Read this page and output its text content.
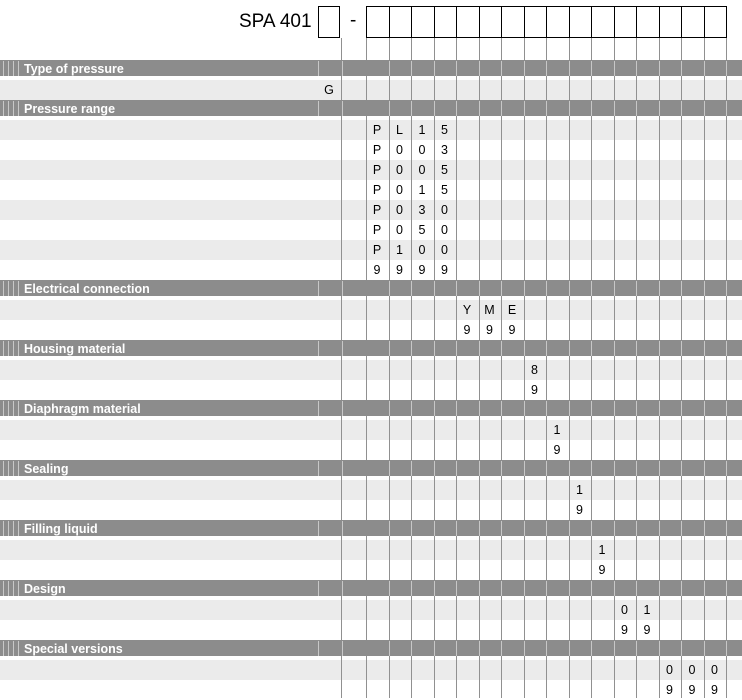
SPA 401 -
Type of pressure
G
Pressure range
P	L	1	5
P	0	0	3
P	0	0	5
P	0	1	5
P	0	3	0
P	0	5	0
P	1	0	0
9	9	9	9
Electrical connection
Y	M	E
9	9	9
Housing material
8
9
Diaphragm material
1
9
Sealing
1
9
Filling liquid
1
9
Design
0	1
9	9
Special versions
0	0	0
9	9	9
